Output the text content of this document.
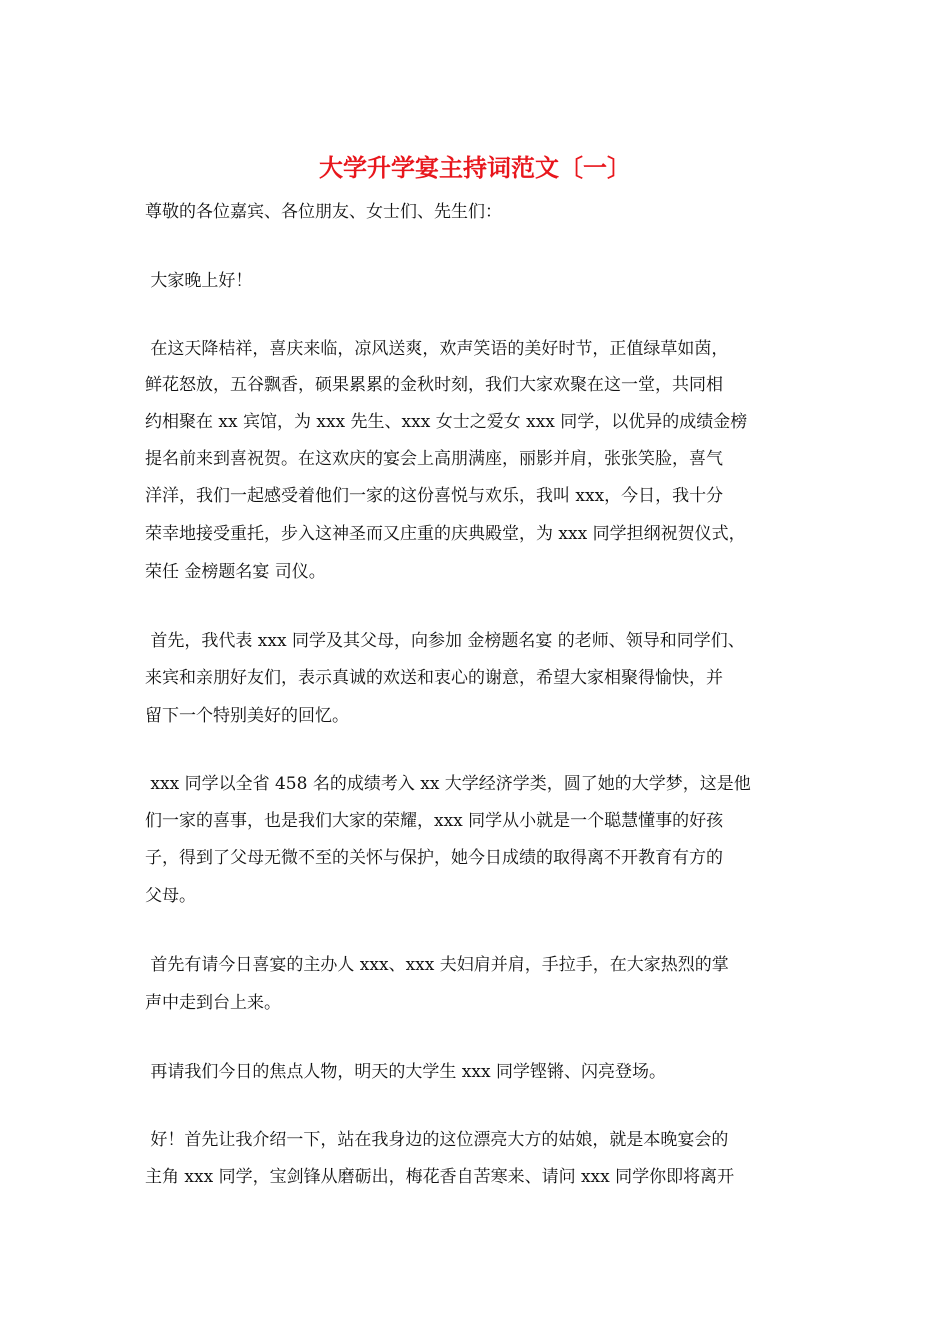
大学升学宴主持词范文〔一〕

尊敬的各位嘉宾、各位朋友、女士们、先生们：

大家晚上好！

在这天降桔祥，喜庆来临，凉风送爽，欢声笑语的美好时节，正值绿草如茵，

鲜花怒放，五谷飘香，硕果累累的金秋时刻，我们大家欢聚在这一堂，共同相

约相聚在 xx 宾馆，为 xxx 先生、xxx 女士之爱女 xxx 同学，以优异的成绩金榜

提名前来到喜祝贺。在这欢庆的宴会上高朋满座，丽影并肩，张张笑脸，喜气

洋洋，我们一起感受着他们一家的这份喜悦与欢乐，我叫 xxx，今日，我十分

荣幸地接受重托，步入这神圣而又庄重的庆典殿堂，为 xxx 同学担纲祝贺仪式，

荣任 金榜题名宴 司仪。

首先，我代表 xxx 同学及其父母，向参加 金榜题名宴 的老师、领导和同学们、

来宾和亲朋好友们，表示真诚的欢送和衷心的谢意，希望大家相聚得愉快，并

留下一个特别美好的回忆。

xxx 同学以全省 458 名的成绩考入 xx 大学经济学类，圆了她的大学梦，这是他

们一家的喜事，也是我们大家的荣耀，xxx 同学从小就是一个聪慧懂事的好孩

子，得到了父母无微不至的关怀与保护，她今日成绩的取得离不开教育有方的

父母。

首先有请今日喜宴的主办人 xxx、xxx 夫妇肩并肩，手拉手，在大家热烈的掌

声中走到台上来。

再请我们今日的焦点人物，明天的大学生 xxx 同学铿锵、闪亮登场。

好！首先让我介绍一下，站在我身边的这位漂亮大方的姑娘，就是本晚宴会的

主角 xxx 同学，宝剑锋从磨砺出，梅花香自苦寒来、请问 xxx 同学你即将离开
